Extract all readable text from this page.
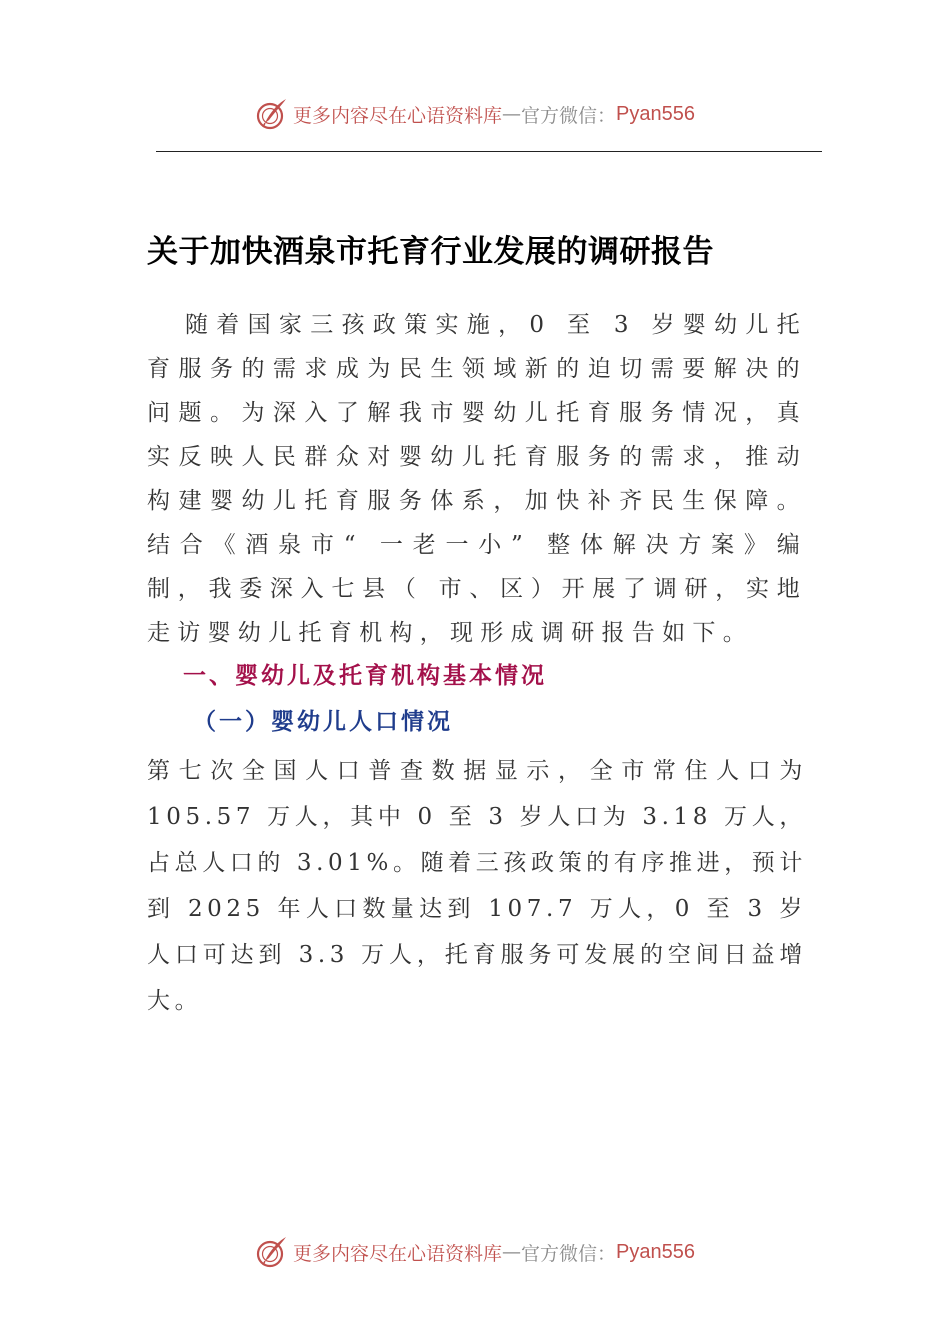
更多内容尽在心语资料库 — 官方微信： Pyan556
关于加快酒泉市托育行业发展的调研报告

随着国家三孩政策实施，0 至 3 岁婴幼儿托育服务的需求成为民生领域新的迫切需要解决的问题。为深入了解我市婴幼儿托育服务情况，真实反映人民群众对婴幼儿托育服务的需求，推动构建婴幼儿托育服务体系，加快补齐民生保障。结合《酒泉市“ 一老一小” 整体解决方案》编制，我委深入七县（ 市、区）开展了调研，实地走访婴幼儿托育机构，现形成调研报告如下。

一、婴幼儿及托育机构基本情况
（一）婴幼儿人口情况

第七次全国人口普查数据显示，全市常住人口为 105.57 万人，其中 0 至 3 岁人口为 3.18 万人，占总人口的 3.01%。随着三孩政策的有序推进，预计到 2025 年人口数量达到 107.7 万人，0 至 3 岁人口可达到 3.3 万人，托育服务可发展的空间日益增大。

更多内容尽在心语资料库 — 官方微信： Pyan556
